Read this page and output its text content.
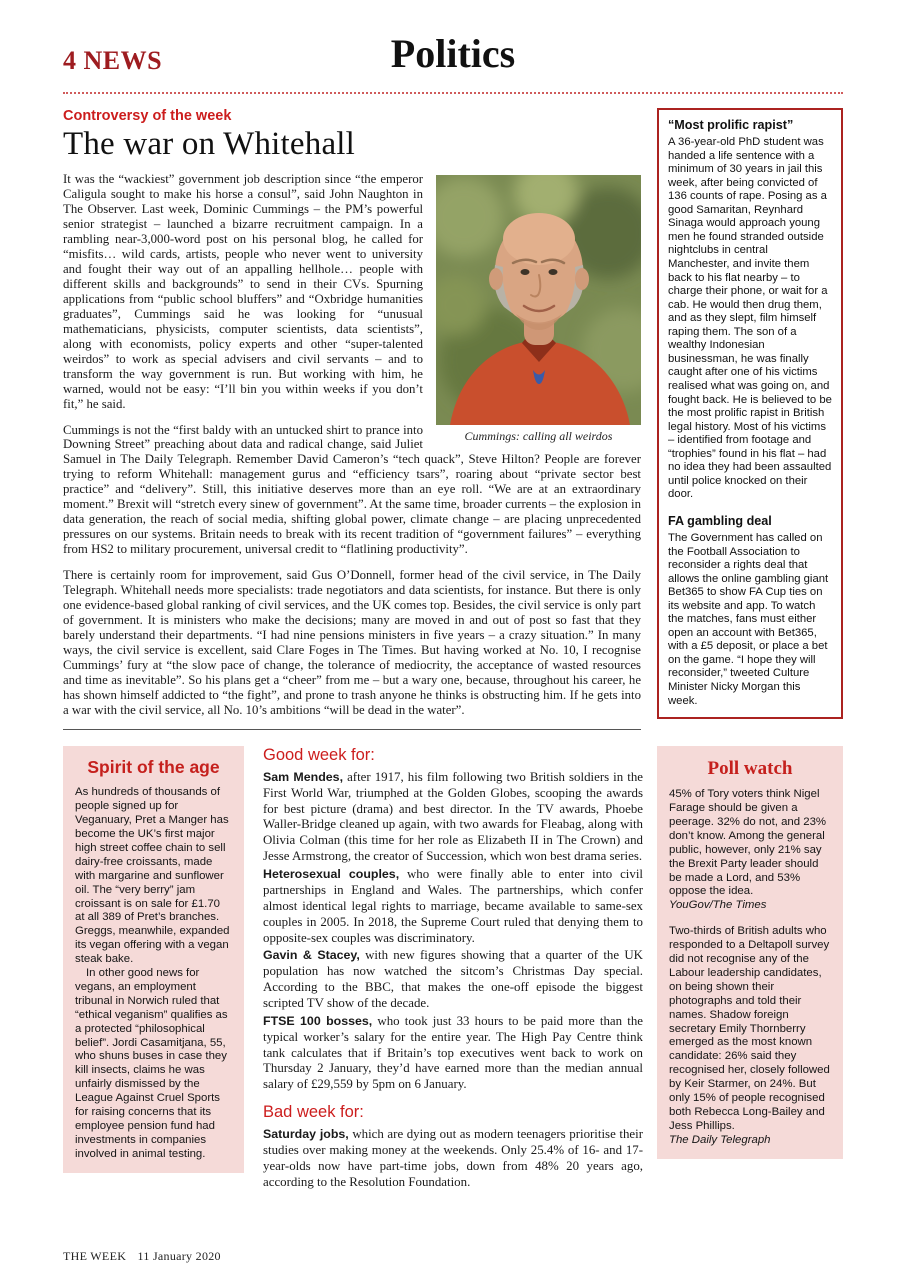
4 NEWS	Politics
Controversy of the week
The war on Whitehall
Cummings: calling all weirdos

It was the “wackiest” government job description since “the emperor Caligula sought to make his horse a consul”, said John Naughton in The Observer. Last week, Dominic Cummings – the PM’s powerful senior strategist – launched a bizarre recruitment campaign. In a rambling near-3,000-word post on his personal blog, he called for “misfits… wild cards, artists, people who never went to university and fought their way out of an appalling hellhole… people with different skills and backgrounds” to send in their CVs. Spurning applications from “public school bluffers” and “Oxbridge humanities graduates”, Cummings said he was looking for “unusual mathematicians, physicists, computer scientists, data scientists”, along with economists, policy experts and other “super-talented weirdos” to work as special advisers and civil servants – and to transform the way government is run. But working with him, he warned, would not be easy: “I’ll bin you within weeks if you don’t fit,” he said.

Cummings is not the “first baldy with an untucked shirt to prance into Downing Street” preaching about data and radical change, said Juliet Samuel in The Daily Telegraph. Remember David Cameron’s “tech quack”, Steve Hilton? People are forever trying to reform Whitehall: management gurus and “efficiency tsars”, roaring about “private sector best practice” and “delivery”. Still, this initiative deserves more than an eye roll. “We are at an extraordinary moment.” Brexit will “stretch every sinew of government”. At the same time, broader currents – the explosion in data generation, the reach of social media, shifting global power, climate change – are placing unprecedented pressures on our systems. Britain needs to break with its recent tradition of “government failures” – everything from HS2 to military procurement, universal credit to “flatlining productivity”.

There is certainly room for improvement, said Gus O’Donnell, former head of the civil service, in The Daily Telegraph. Whitehall needs more specialists: trade negotiators and data scientists, for instance. But there is only one evidence-based global ranking of civil services, and the UK comes top. Besides, the civil service is only part of government. It is ministers who make the decisions; many are moved in and out of post so fast that they barely understand their departments. “I had nine pensions ministers in five years – a crazy situation.” In many ways, the civil service is excellent, said Clare Foges in The Times. But having worked at No. 10, I recognise Cummings’ fury at “the slow pace of change, the tolerance of mediocrity, the acceptance of wasted resources and time as inevitable”. So his plans get a “cheer” from me – but a wary one, because, throughout his career, he has shown himself addicted to “the fight”, and prone to trash anyone he thinks is obstructing him. If he gets into a war with the civil service, all No. 10’s ambitions “will be dead in the water”.

“Most prolific rapist”

A 36-year-old PhD student was handed a life sentence with a minimum of 30 years in jail this week, after being convicted of 136 counts of rape. Posing as a good Samaritan, Reynhard Sinaga would approach young men he found stranded outside nightclubs in central Manchester, and invite them back to his flat nearby – to charge their phone, or wait for a cab. He would then drug them, and as they slept, film himself raping them. The son of a wealthy Indonesian businessman, he was finally caught after one of his victims realised what was going on, and fought back. He is believed to be the most prolific rapist in British legal history. Most of his victims – identified from footage and “trophies” found in his flat – had no idea they had been assaulted until police knocked on their door.

FA gambling deal

The Government has called on the Football Association to reconsider a rights deal that allows the online gambling giant Bet365 to show FA Cup ties on its website and app. To watch the matches, fans must either open an account with Bet365, with a £5 deposit, or place a bet on the game. “I hope they will reconsider,” tweeted Culture Minister Nicky Morgan this week.

Spirit of the age

As hundreds of thousands of people signed up for Veganuary, Pret a Manger has become the UK’s first major high street coffee chain to sell dairy-free croissants, made with margarine and sunflower oil. The “very berry” jam croissant is on sale for £1.70 at all 389 of Pret’s branches. Greggs, meanwhile, expanded its vegan offering with a vegan steak bake.

In other good news for vegans, an employment tribunal in Norwich ruled that “ethical veganism” qualifies as a protected “philosophical belief”. Jordi Casamitjana, 55, who shuns buses in case they kill insects, claims he was unfairly dismissed by the League Against Cruel Sports for raising concerns that its employee pension fund had investments in companies involved in animal testing.

Good week for:

Sam Mendes, after 1917, his film following two British soldiers in the First World War, triumphed at the Golden Globes, scooping the awards for best picture (drama) and best director. In the TV awards, Phoebe Waller-Bridge cleaned up again, with two awards for Fleabag, along with Olivia Colman (this time for her role as Elizabeth II in The Crown) and Jesse Armstrong, the creator of Succession, which won best drama series.

Heterosexual couples, who were finally able to enter into civil partnerships in England and Wales. The partnerships, which confer almost identical legal rights to marriage, became available to same-sex couples in 2005. In 2018, the Supreme Court ruled that denying them to opposite-sex couples was discriminatory.

Gavin & Stacey, with new figures showing that a quarter of the UK population has now watched the sitcom’s Christmas Day special. According to the BBC, that makes the one-off episode the biggest scripted TV show of the decade.

FTSE 100 bosses, who took just 33 hours to be paid more than the typical worker’s salary for the entire year. The High Pay Centre think tank calculates that if Britain’s top executives went back to work on Thursday 2 January, they’d have earned more than the median annual salary of £29,559 by 5pm on 6 January.

Bad week for:

Saturday jobs, which are dying out as modern teenagers prioritise their studies over making money at the weekends. Only 25.4% of 16- and 17-year-olds now have part-time jobs, down from 48% 20 years ago, according to the Resolution Foundation.

Poll watch

45% of Tory voters think Nigel Farage should be given a peerage. 32% do not, and 23% don’t know. Among the general public, however, only 21% say the Brexit Party leader should be made a Lord, and 53% oppose the idea.

YouGov/The Times

Two-thirds of British adults who responded to a Deltapoll survey did not recognise any of the Labour leadership candidates, on being shown their photographs and told their names. Shadow foreign secretary Emily Thornberry emerged as the most known candidate: 26% said they recognised her, closely followed by Keir Starmer, on 24%. But only 15% of people recognised both Rebecca Long-Bailey and Jess Phillips.

The Daily Telegraph

THE WEEK 11 January 2020
